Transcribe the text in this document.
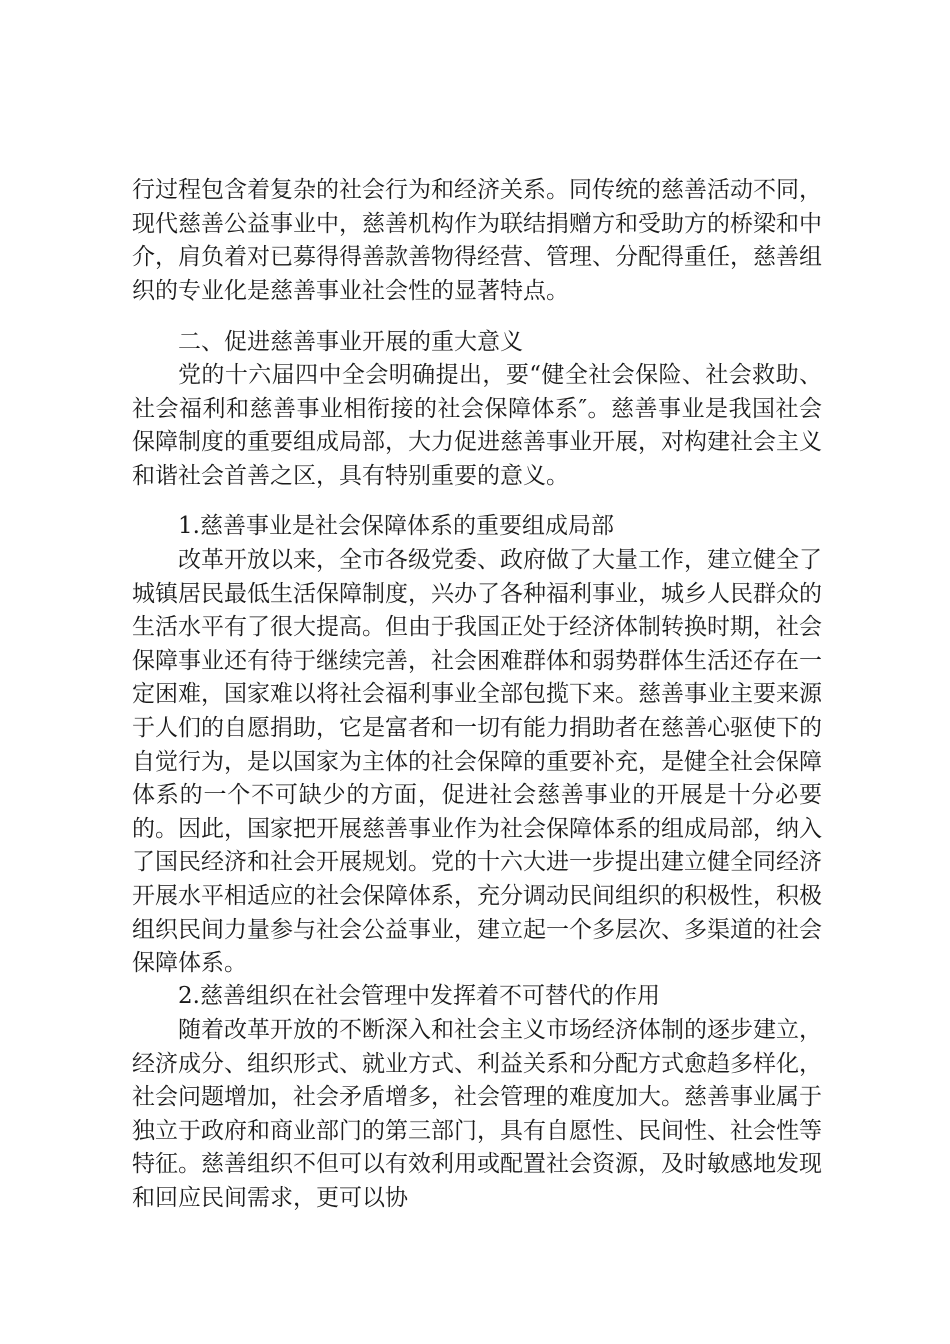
行过程包含着复杂的社会行为和经济关系。同传统的慈善活动不同，现代慈善公益事业中，慈善机构作为联结捐赠方和受助方的桥梁和中介，肩负着对已募得得善款善物得经营、管理、分配得重任，慈善组织的专业化是慈善事业社会性的显著特点。

二、促进慈善事业开展的重大意义

党的十六届四中全会明确提出，要“健全社会保险、社会救助、社会福利和慈善事业相衔接的社会保障体系″。慈善事业是我国社会保障制度的重要组成局部，大力促进慈善事业开展，对构建社会主义和谐社会首善之区，具有特别重要的意义。

1.慈善事业是社会保障体系的重要组成局部

改革开放以来，全市各级党委、政府做了大量工作，建立健全了城镇居民最低生活保障制度，兴办了各种福利事业，城乡人民群众的生活水平有了很大提高。但由于我国正处于经济体制转换时期，社会保障事业还有待于继续完善，社会困难群体和弱势群体生活还存在一定困难，国家难以将社会福利事业全部包揽下来。慈善事业主要来源于人们的自愿捐助，它是富者和一切有能力捐助者在慈善心驱使下的自觉行为，是以国家为主体的社会保障的重要补充，是健全社会保障体系的一个不可缺少的方面，促进社会慈善事业的开展是十分必要的。因此，国家把开展慈善事业作为社会保障体系的组成局部，纳入了国民经济和社会开展规划。党的十六大进一步提出建立健全同经济开展水平相适应的社会保障体系，充分调动民间组织的积极性，积极组织民间力量参与社会公益事业，建立起一个多层次、多渠道的社会保障体系。

2.慈善组织在社会管理中发挥着不可替代的作用

随着改革开放的不断深入和社会主义市场经济体制的逐步建立，经济成分、组织形式、就业方式、利益关系和分配方式愈趋多样化，社会问题增加，社会矛盾增多，社会管理的难度加大。慈善事业属于独立于政府和商业部门的第三部门，具有自愿性、民间性、社会性等特征。慈善组织不但可以有效利用或配置社会资源，及时敏感地发现和回应民间需求，更可以协
